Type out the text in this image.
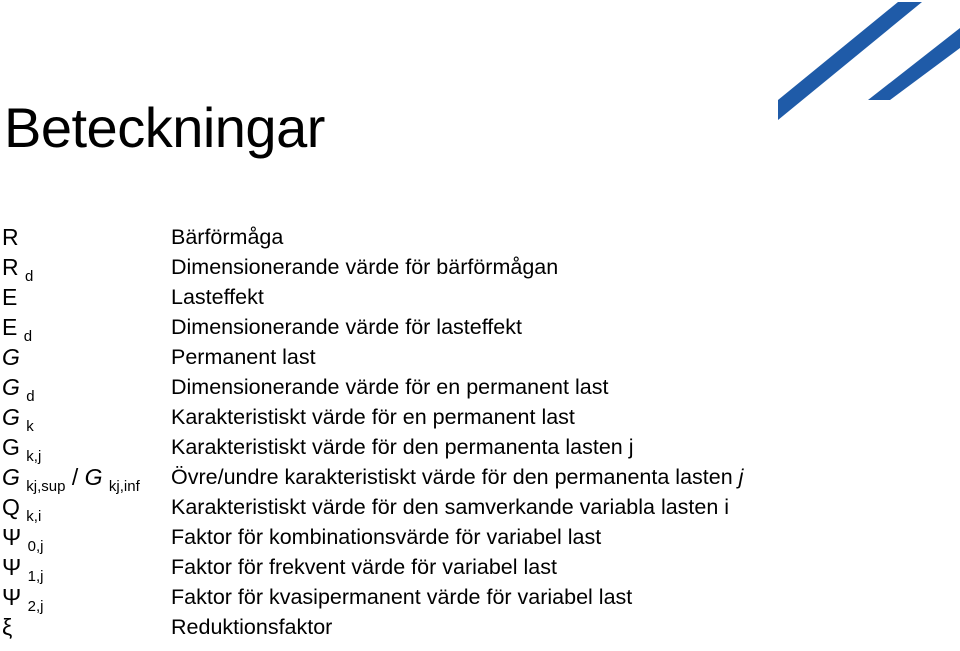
Beteckningar
R	Bärförmåga
R $_d$	Dimensionerande värde för bärförmågan
E	Lasteffekt
E $_d$	Dimensionerande värde för lasteffekt
G	Permanent last
G $_d$	Dimensionerande värde för en permanent last
G $_k$	Karakteristiskt värde för en permanent last
G $_{k,j}$	Karakteristiskt värde för den permanenta lasten j
G $_{kj,sup}$ / G $_{kj,inf}$ Övre/undre karakteristiskt värde för den permanenta lasten j
Q $_{k,i}$	Karakteristiskt värde för den samverkande variabla lasten i
Ψ $_{0,j}$	Faktor för kombinationsvärde för variabel last
Ψ $_{1,j}$	Faktor för frekvent värde för variabel last
Ψ $_{2,j}$	Faktor för kvasipermanent värde för variabel last
ξ	Reduktionsfaktor
